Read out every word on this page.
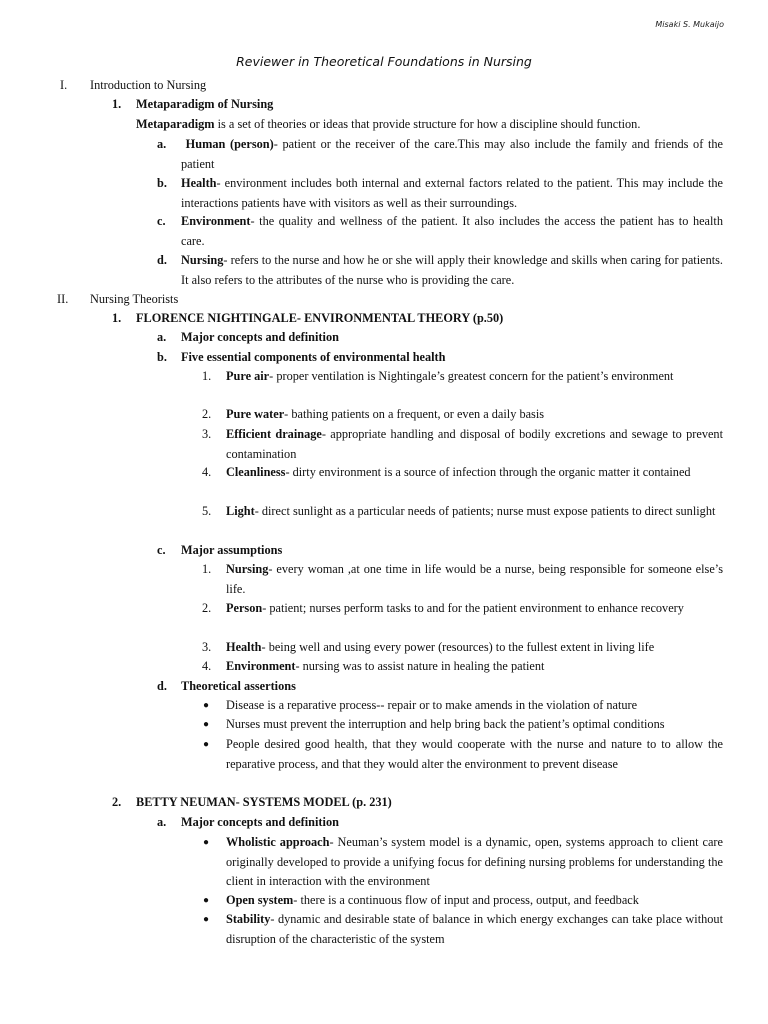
Misaki S. Mukaijo
Reviewer in Theoretical Foundations in Nursing
I. Introduction to Nursing
1. Metaparadigm of Nursing
Metaparadigm is a set of theories or ideas that provide structure for how a discipline should function.
a.	Human (person)- patient or the receiver of the care.This may also include the family and friends of the patient
b. Health- environment includes both internal and external factors related to the patient. This may include the interactions patients have with visitors as well as their surroundings.
c. Environment- the quality and wellness of the patient. It also includes the access the patient has to health care.
d. Nursing- refers to the nurse and how he or she will apply their knowledge and skills when caring for patients. It also refers to the attributes of the nurse who is providing the care.
II. Nursing Theorists
1. FLORENCE NIGHTINGALE- ENVIRONMENTAL THEORY (p.50)
a. Major concepts and definition
b. Five essential components of environmental health
1. Pure air- proper ventilation is Nightingale’s greatest concern for the patient’s environment
2. Pure water- bathing patients on a frequent, or even a daily basis
3. Efficient drainage- appropriate handling and disposal of bodily excretions and sewage to prevent contamination
4. Cleanliness- dirty environment is a source of infection through the organic matter it contained
5. Light- direct sunlight as a particular needs of patients; nurse must expose patients to direct sunlight
c. Major assumptions
1. Nursing- every woman ,at one time in life would be a nurse, being responsible for someone else’s life.
2. Person- patient; nurses perform tasks to and for the patient environment to enhance recovery
3. Health- being well and using every power (resources) to the fullest extent in living life
4. Environment- nursing was to assist nature in healing the patient
d. Theoretical assertions
● Disease is a reparative process-- repair or to make amends in the violation of nature
● Nurses must prevent the interruption and help bring back the patient’s optimal conditions
● People desired good health, that they would cooperate with the nurse and nature to to allow the reparative process, and that they would alter the environment to prevent disease
2. BETTY NEUMAN- SYSTEMS MODEL (p. 231)
a. Major concepts and definition
● Wholistic approach- Neuman’s system model is a dynamic, open, systems approach to client care originally developed to provide a unifying focus for defining nursing problems for understanding the client in interaction with the environment
● Open system- there is a continuous flow of input and process, output, and feedback
● Stability- dynamic and desirable state of balance in which energy exchanges can take place without disruption of the characteristic of the system
